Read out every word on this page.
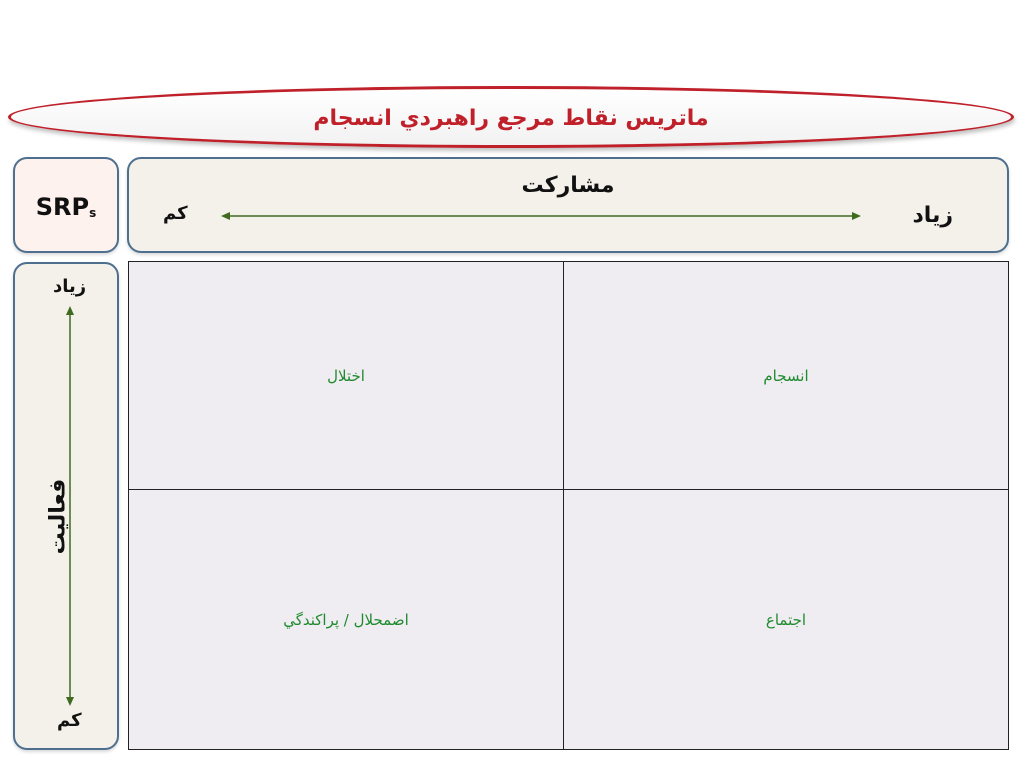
ماتريس نقاط مرجع راهبردي انسجام
SRPs
مشاركت
زياد
كم
زياد
كم
فعاليت
اختلال	انسجام
اضمحلال / پراكندگي	اجتماع
